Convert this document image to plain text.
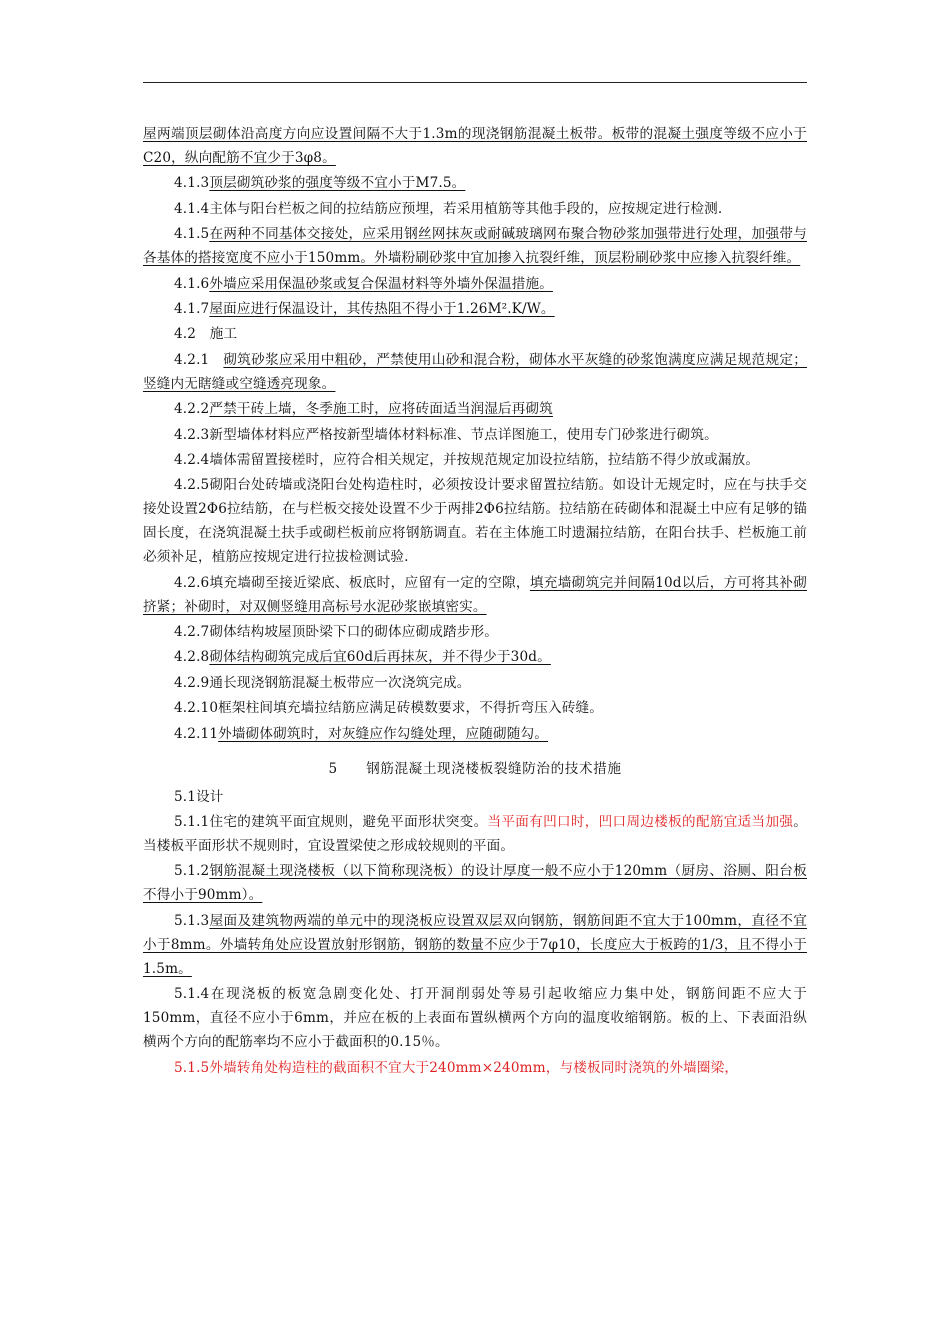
屋两端顶层砌体沿高度方向应设置间隔不大于1.3m的现浇钢筋混凝土板带。板带的混凝土强度等级不应小于C20，纵向配筋不宜少于3φ8。

4.1.3顶层砌筑砂浆的强度等级不宜小于M7.5。

4.1.4主体与阳台栏板之间的拉结筋应预埋，若采用植筋等其他手段的，应按规定进行检测.

4.1.5在两种不同基体交接处，应采用钢丝网抹灰或耐碱玻璃网布聚合物砂浆加强带进行处理，加强带与各基体的搭接宽度不应小于150mm。外墙粉刷砂浆中宜加掺入抗裂纤维，顶层粉刷砂浆中应掺入抗裂纤维。

4.1.6外墙应采用保温砂浆或复合保温材料等外墙外保温措施。

4.1.7屋面应进行保温设计，其传热阻不得小于1.26M².K/W。

4.2　施工

4.2.1　砌筑砂浆应采用中粗砂，严禁使用山砂和混合粉，砌体水平灰缝的砂浆饱满度应满足规范规定；竖缝内无瞎缝或空缝透亮现象。

4.2.2严禁干砖上墙，冬季施工时，应将砖面适当润湿后再砌筑

4.2.3新型墙体材料应严格按新型墙体材料标准、节点详图施工，使用专门砂浆进行砌筑。

4.2.4墙体需留置接槎时，应符合相关规定，并按规范规定加设拉结筋，拉结筋不得少放或漏放。

4.2.5砌阳台处砖墙或浇阳台处构造柱时，必须按设计要求留置拉结筋。如设计无规定时，应在与扶手交接处设置2Φ6拉结筋，在与栏板交接处设置不少于两排2Φ6拉结筋。拉结筋在砖砌体和混凝土中应有足够的锚固长度，在浇筑混凝土扶手或砌栏板前应将钢筋调直。若在主体施工时遗漏拉结筋，在阳台扶手、栏板施工前必须补足，植筋应按规定进行拉拔检测试验.

4.2.6填充墙砌至接近梁底、板底时，应留有一定的空隙，填充墙砌筑完并间隔10d以后，方可将其补砌挤紧；补砌时，对双侧竖缝用高标号水泥砂浆嵌填密实。

4.2.7砌体结构坡屋顶卧梁下口的砌体应砌成踏步形。

4.2.8砌体结构砌筑完成后宜60d后再抹灰，并不得少于30d。

4.2.9通长现浇钢筋混凝土板带应一次浇筑完成。

4.2.10框架柱间填充墙拉结筋应满足砖模数要求，不得折弯压入砖缝。

4.2.11外墙砌体砌筑时，对灰缝应作勾缝处理，应随砌随勾。

5　　钢筋混凝土现浇楼板裂缝防治的技术措施

5.1设计

5.1.1住宅的建筑平面宜规则，避免平面形状突变。当平面有凹口时，凹口周边楼板的配筋宜适当加强。当楼板平面形状不规则时，宜设置梁使之形成较规则的平面。

5.1.2钢筋混凝土现浇楼板（以下简称现浇板）的设计厚度一般不应小于120mm（厨房、浴厕、阳台板不得小于90mm）。

5.1.3屋面及建筑物两端的单元中的现浇板应设置双层双向钢筋，钢筋间距不宜大于100mm，直径不宜小于8mm。外墙转角处应设置放射形钢筋，钢筋的数量不应少于7φ10，长度应大于板跨的1/3，且不得小于1.5m。

5.1.4在现浇板的板宽急剧变化处、打开洞削弱处等易引起收缩应力集中处，钢筋间距不应大于150mm，直径不应小于6mm，并应在板的上表面布置纵横两个方向的温度收缩钢筋。板的上、下表面沿纵横两个方向的配筋率均不应小于截面积的0.15％。

5.1.5外墙转角处构造柱的截面积不宜大于240mm×240mm，与楼板同时浇筑的外墙圈梁，
